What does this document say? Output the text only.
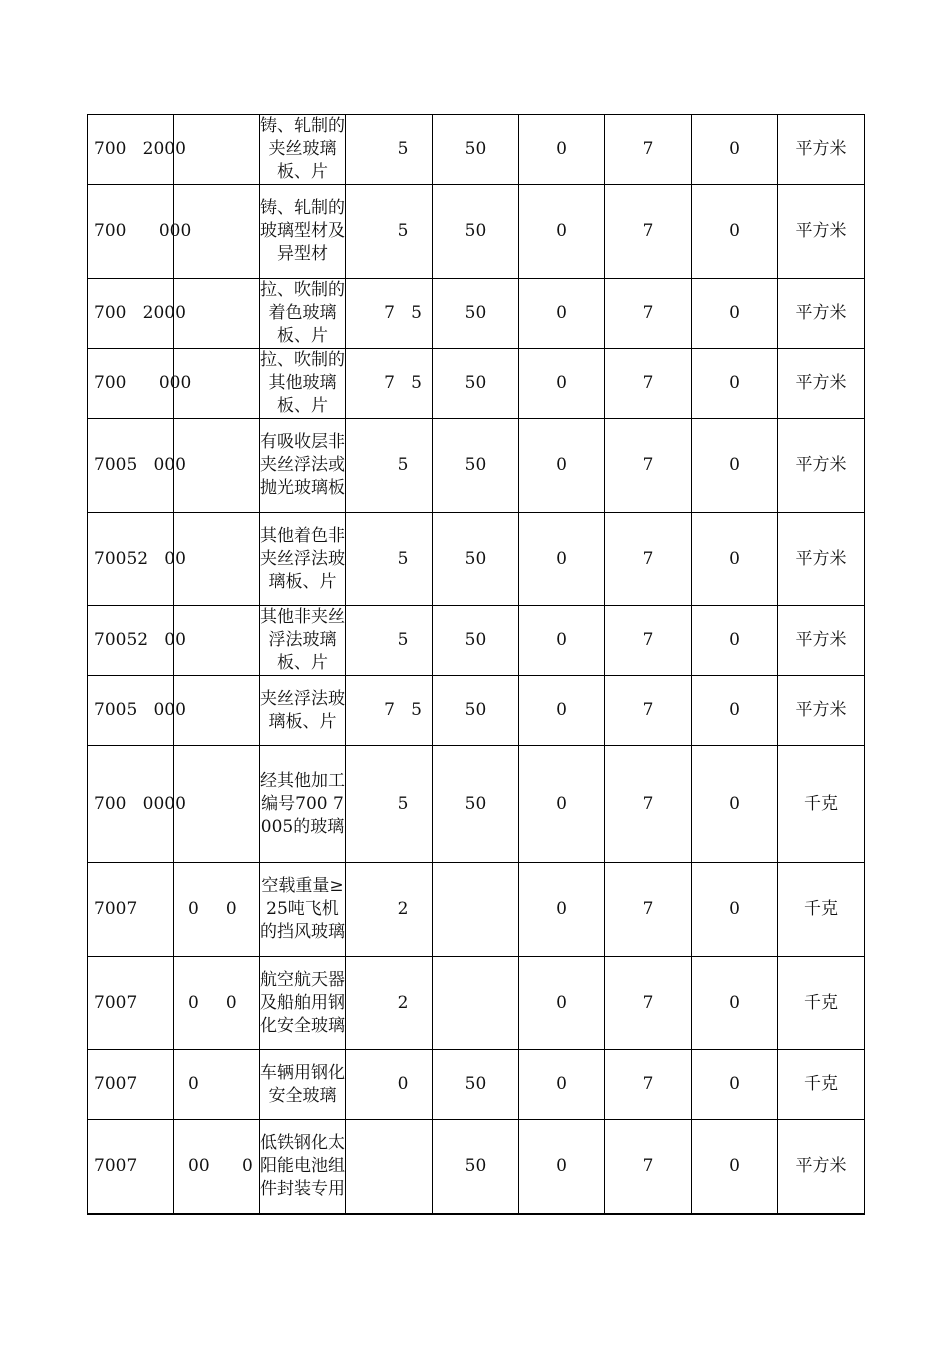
700   2000		铸、轧制的夹丝玻璃板、片	5	50	0	7	0	平方米
700      000		铸、轧制的玻璃型材及异型材	5	50	0	7	0	平方米
700   2000		拉、吹制的着色玻璃板、片	7   5	50	0	7	0	平方米
700      000		拉、吹制的其他玻璃板、片	7   5	50	0	7	0	平方米
7005   000		有吸收层非夹丝浮法或抛光玻璃板	5	50	0	7	0	平方米
70052   00		其他着色非夹丝浮法玻璃板、片	5	50	0	7	0	平方米
70052   00		其他非夹丝浮法玻璃板、片	5	50	0	7	0	平方米
7005   000		夹丝浮法玻璃板、片	7   5	50	0	7	0	平方米
700   0000		经其他加工编号700 7005的玻璃	5	50	0	7	0	千克
7007	0     0	空载重量≥25吨飞机的挡风玻璃	2		0	7	0	千克
7007	0     0	航空航天器及船舶用钢化安全玻璃	2		0	7	0	千克
7007	0	车辆用钢化安全玻璃	0	50	0	7	0	千克
7007	00      0	低铁钢化太阳能电池组件封装专用		50	0	7	0	平方米
